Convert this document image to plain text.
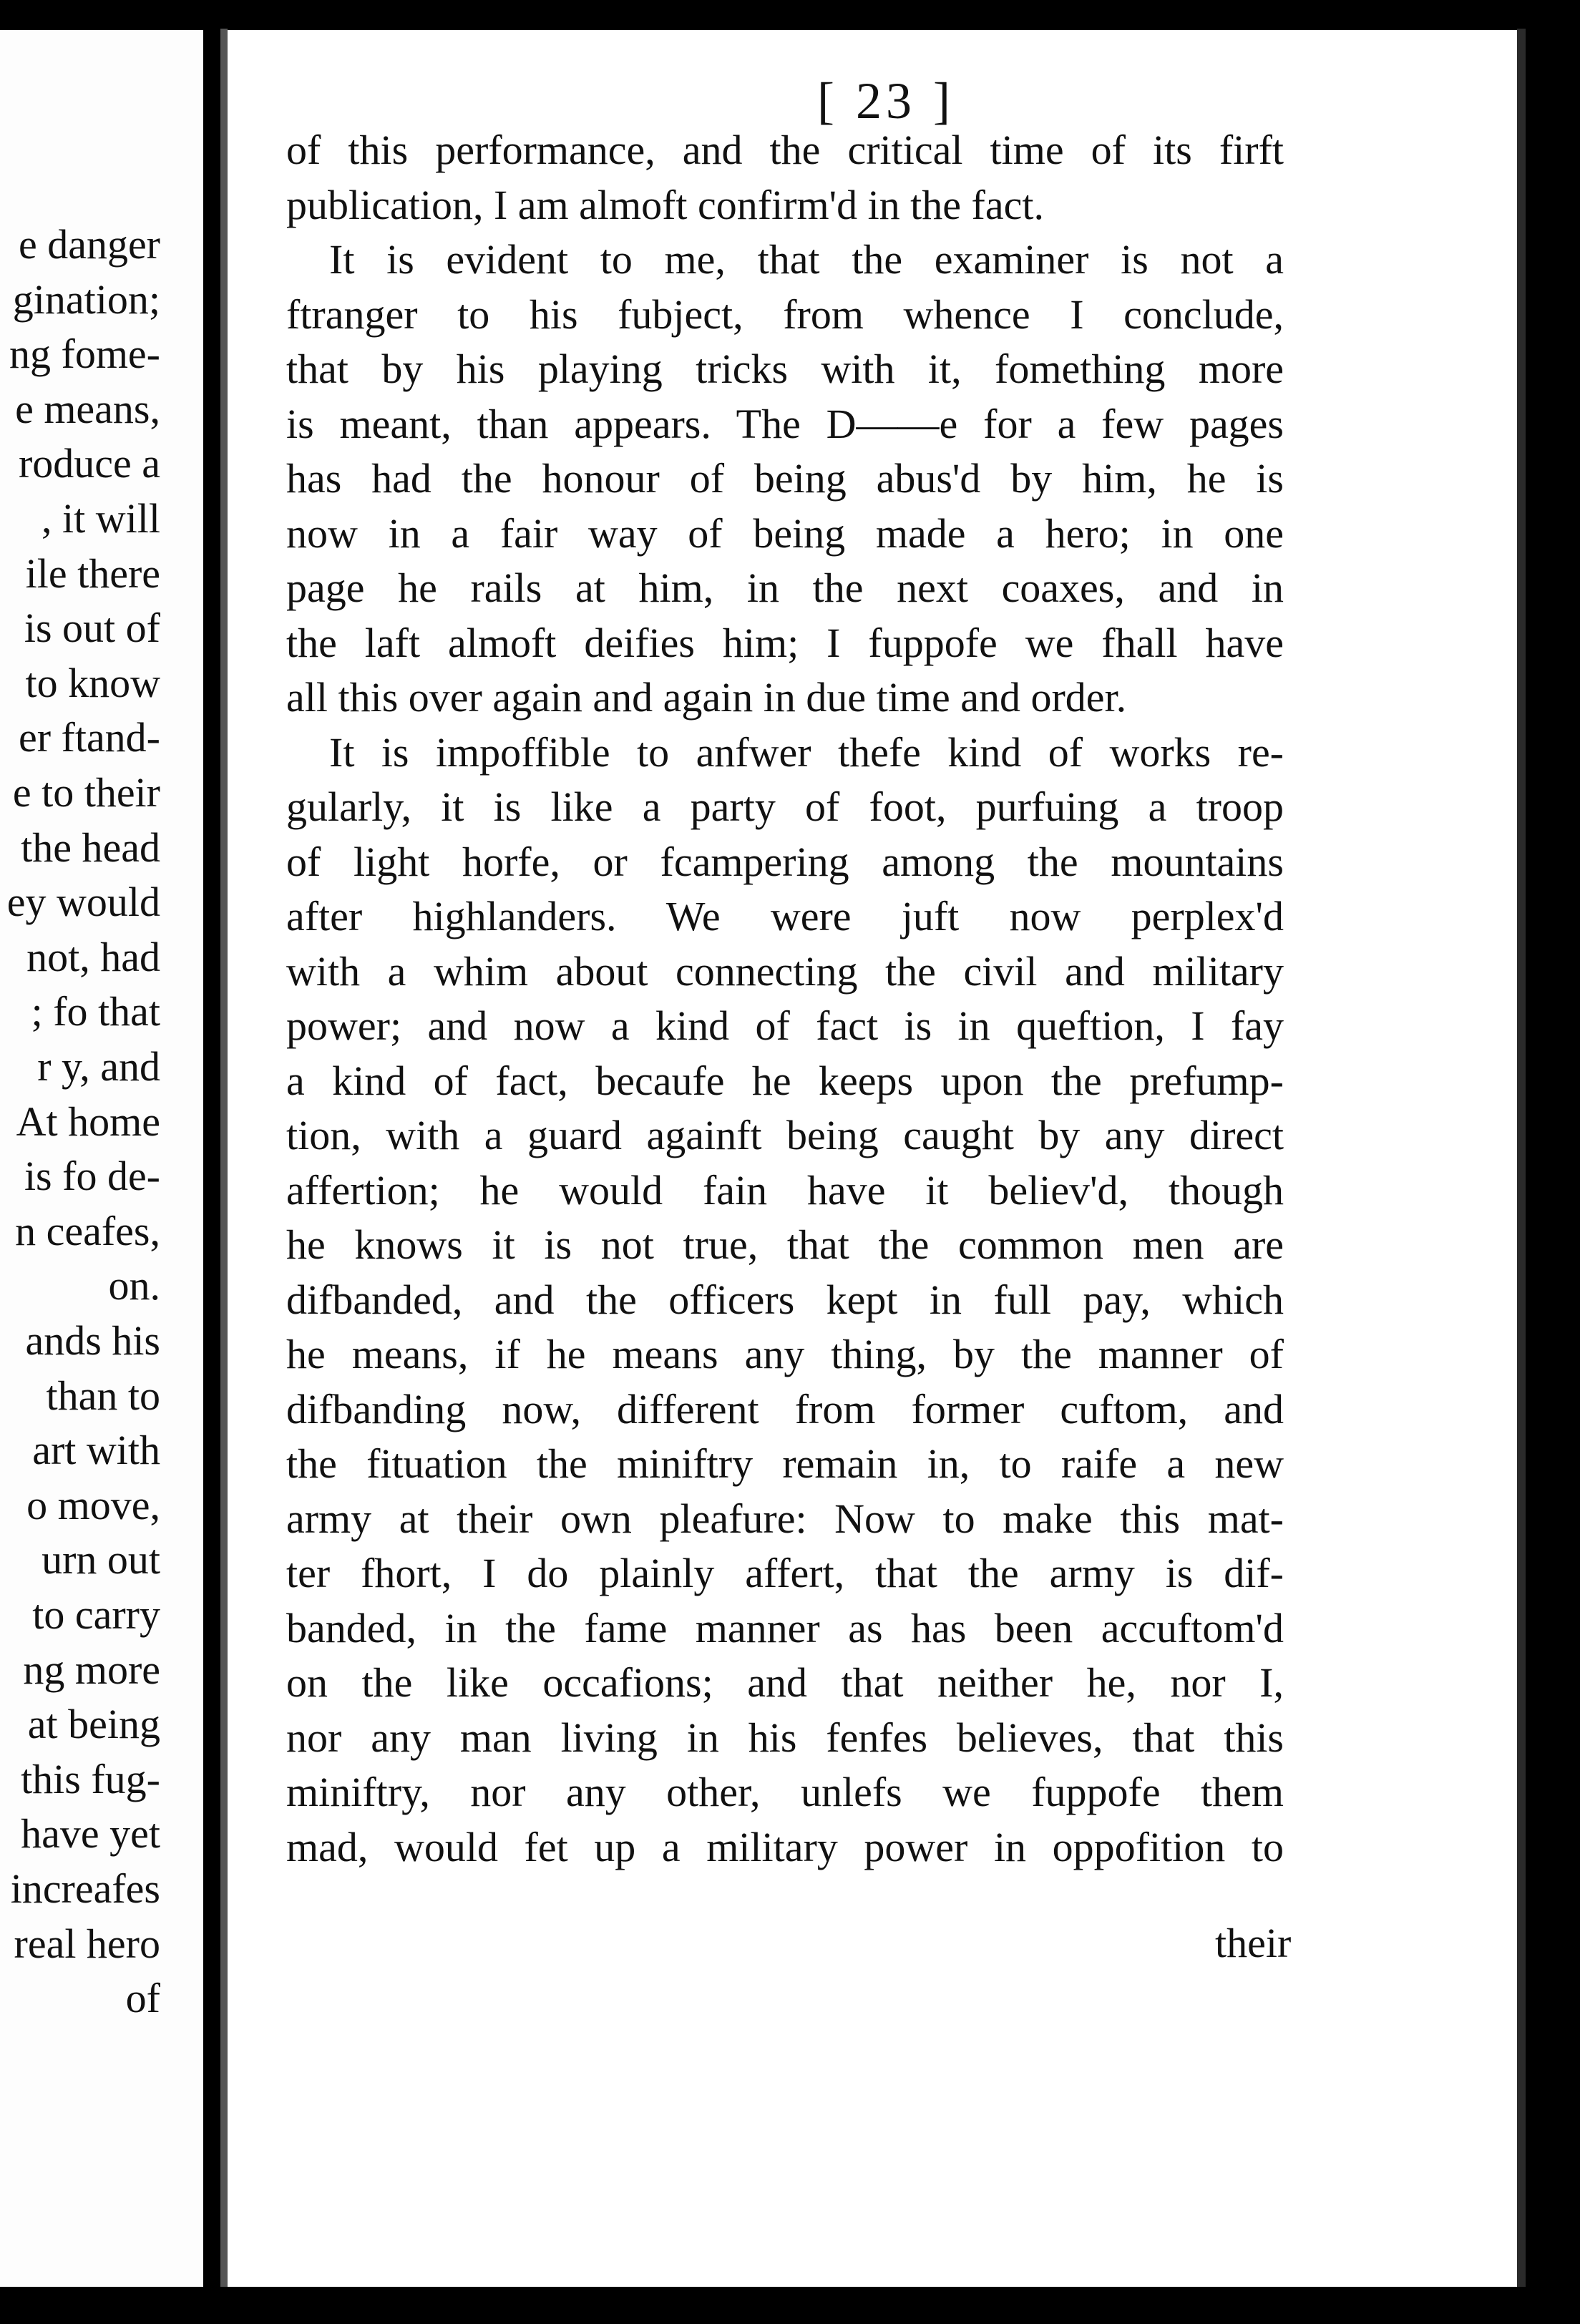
e danger
gination;
ng fome-
e means,
roduce a
, it will
ile there
is out of
to know
er ftand-
e to their
the head
ey would
not, had
; fo that
r y, and
At home
is fo de-
n ceafes,
on.
ands his
than to
art with
o move,
urn out
to carry
ng more
at being
this fug-
have yet
increafes
real hero
of
[ 23 ]
of this performance, and the critical time of its firft
publication, I am almoft confirm'd in the fact.
It is evident to me, that the examiner is not a
ftranger to his fubject, from whence I conclude,
that by his playing tricks with it, fomething more
is meant, than appears. The D——e for a few pages
has had the honour of being abus'd by him, he is
now in a fair way of being made a hero; in one
page he rails at him, in the next coaxes, and in
the laft almoft deifies him; I fuppofe we fhall have
all this over again and again in due time and order.
It is impoffible to anfwer thefe kind of works re-
gularly, it is like a party of foot, purfuing a troop
of light horfe, or fcampering among the mountains
after highlanders. We were juft now perplex'd
with a whim about connecting the civil and military
power; and now a kind of fact is in queftion, I fay
a kind of fact, becaufe he keeps upon the prefump-
tion, with a guard againft being caught by any direct
affertion; he would fain have it believ'd, though
he knows it is not true, that the common men are
difbanded, and the officers kept in full pay, which
he means, if he means any thing, by the manner of
difbanding now, different from former cuftom, and
the fituation the miniftry remain in, to raife a new
army at their own pleafure: Now to make this mat-
ter fhort, I do plainly affert, that the army is dif-
banded, in the fame manner as has been accuftom'd
on the like occafions; and that neither he, nor I,
nor any man living in his fenfes believes, that this
miniftry, nor any other, unlefs we fuppofe them
mad, would fet up a military power in oppofition to
their
